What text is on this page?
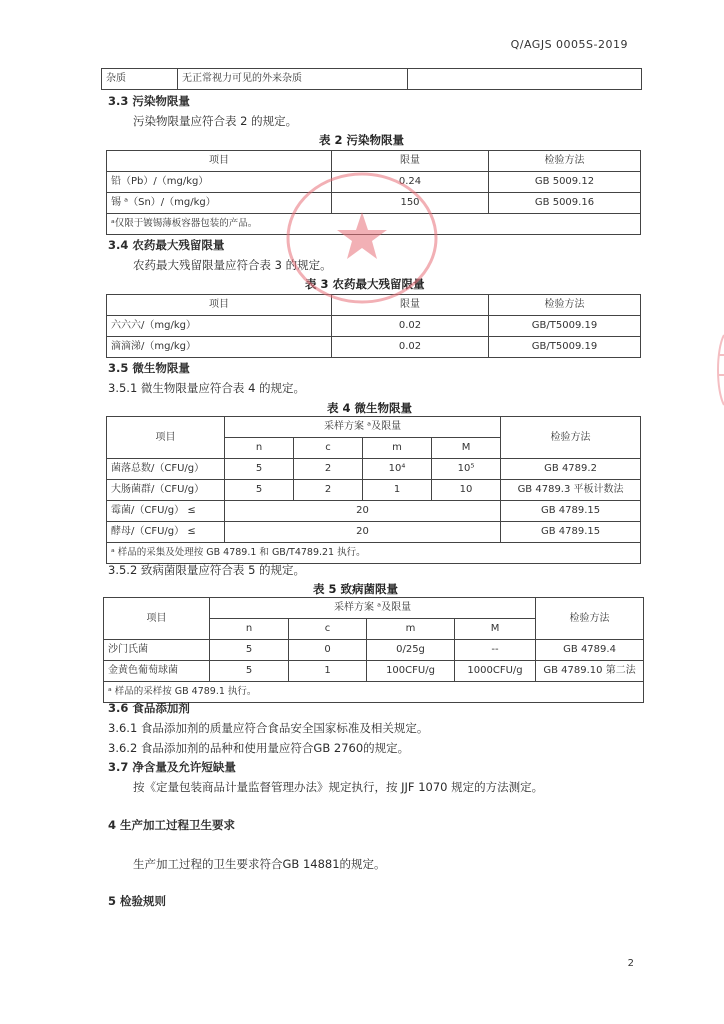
Q/AGJS 0005S-2019
杂质	无正常视力可见的外来杂质	
3.3 污染物限量
污染物限量应符合表 2 的规定。
表 2 污染物限量
项目	限量	检验方法
铅（Pb）/（mg/kg）	0.24	GB 5009.12
锡 ᵃ（Sn）/（mg/kg）	150	GB 5009.16
ᵃ仅限于镀锡薄板容器包装的产品。		
3.4 农药最大残留限量
农药最大残留限量应符合表 3 的规定。
表 3 农药最大残留限量
项目	限量	检验方法
六六六/（mg/kg）	0.02	GB/T5009.19
滴滴涕/（mg/kg）	0.02	GB/T5009.19
3.5 微生物限量
3.5.1 微生物限量应符合表 4 的规定。
表 4 微生物限量
项目	采样方案 ᵃ及限量				检验方法
	n	c	m	M	
菌落总数/（CFU/g）	5	2	10⁴	10⁵	GB 4789.2
大肠菌群/（CFU/g）	5	2	1	10	GB 4789.3 平板计数法
霉菌/（CFU/g） ≤	20				GB 4789.15
酵母/（CFU/g） ≤	20				GB 4789.15
ᵃ 样品的采集及处理按 GB 4789.1 和 GB/T4789.21 执行。					
3.5.2 致病菌限量应符合表 5 的规定。
表 5 致病菌限量
项目	采样方案 ᵃ及限量				检验方法
	n	c	m	M	
沙门氏菌	5	0	0/25g	--	GB 4789.4
金黄色葡萄球菌	5	1	100CFU/g	1000CFU/g	GB 4789.10 第二法
ᵃ 样品的采样按 GB 4789.1 执行。					
3.6 食品添加剂
3.6.1 食品添加剂的质量应符合食品安全国家标准及相关规定。
3.6.2 食品添加剂的品种和使用量应符合GB 2760的规定。
3.7 净含量及允许短缺量
按《定量包装商品计量监督管理办法》规定执行，按 JJF 1070 规定的方法测定。
4 生产加工过程卫生要求
生产加工过程的卫生要求符合GB 14881的规定。
5 检验规则
2
